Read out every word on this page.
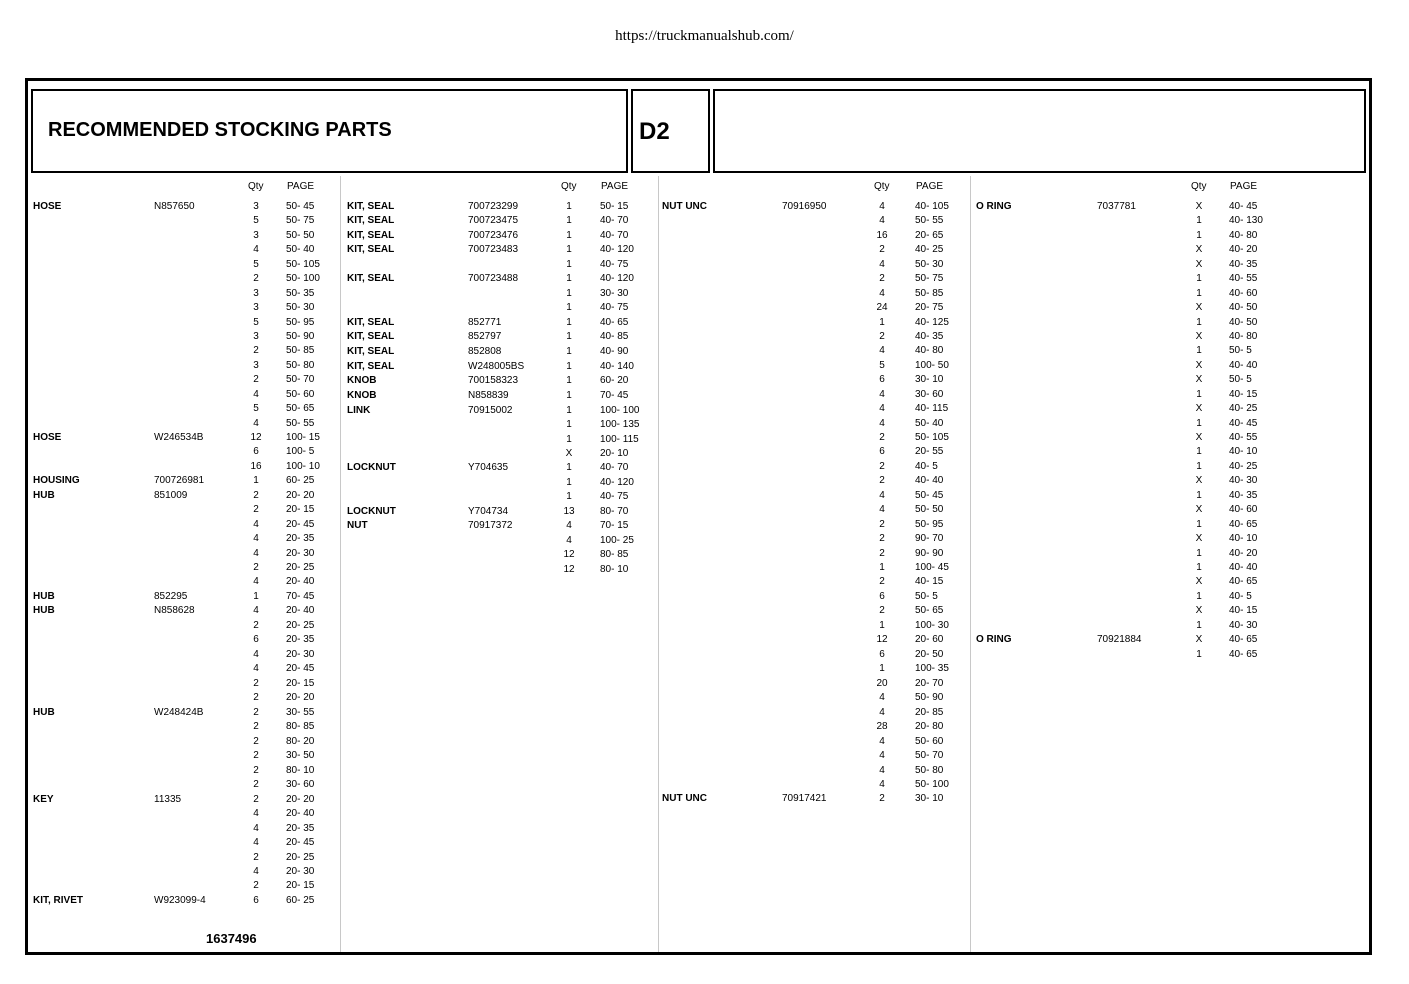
https://truckmanualshub.com/
RECOMMENDED STOCKING PARTS	D2
1637496
Qty PAGE
HOSE	N857650	3	50- 45
5	50- 75
3	50- 50
4	50- 40
5	50- 105
2	50- 100
3	50- 35
3	50- 30
5	50- 95
3	50- 90
2	50- 85
3	50- 80
2	50- 70
4	50- 60
5	50- 65
4	50- 55
HOSE	W246534B	12	100- 15
6	100- 5
16	100- 10
HOUSING	700726981	1	60- 25
HUB	851009	2	20- 20
2	20- 15
4	20- 45
4	20- 35
4	20- 30
2	20- 25
4	20- 40
HUB	852295	1	70- 45
HUB	N858628	4	20- 40
2	20- 25
6	20- 35
4	20- 30
4	20- 45
2	20- 15
2	20- 20
HUB	W248424B	2	30- 55
2	80- 85
2	80- 20
2	30- 50
2	80- 10
2	30- 60
KEY	11335	2	20- 20
4	20- 40
4	20- 35
4	20- 45
2	20- 25
4	20- 30
2	20- 15
KIT, RIVET	W923099-4	6	60- 25
Qty PAGE
KIT, SEAL	700723299	1	50- 15
KIT, SEAL	700723475	1	40- 70
KIT, SEAL	700723476	1	40- 70
KIT, SEAL	700723483	1	40- 120
1	40- 75
KIT, SEAL	700723488	1	40- 120
1	30- 30
1	40- 75
KIT, SEAL	852771	1	40- 65
KIT, SEAL	852797	1	40- 85
KIT, SEAL	852808	1	40- 90
KIT, SEAL	W248005BS	1	40- 140
KNOB	700158323	1	60- 20
KNOB	N858839	1	70- 45
LINK	70915002	1	100- 100
1	100- 135
1	100- 115
X	20- 10
LOCKNUT	Y704635	1	40- 70
1	40- 120
1	40- 75
LOCKNUT	Y704734	13	80- 70
NUT	70917372	4	70- 15
4	100- 25
12	80- 85
12	80- 10
Qty	PAGE
NUT UNC	70916950	4	40- 105
4	50- 55
16	20- 65
2	40- 25
4	50- 30
2	50- 75
4	50- 85
24	20- 75
1	40- 125
2	40- 35
4	40- 80
5	100- 50
6	30- 10
4	30- 60
4	40- 115
4	50- 40
2	50- 105
6	20- 55
2	40- 5
2	40- 40
4	50- 45
4	50- 50
2	50- 95
2	90- 70
2	90- 90
1	100- 45
2	40- 15
6	50- 5
2	50- 65
1	100- 30
12	20- 60
6	20- 50
1	100- 35
20	20- 70
4	50- 90
4	20- 85
28	20- 80
4	50- 60
4	50- 70
4	50- 80
4	50- 100
NUT UNC	70917421	2	30- 10
Qty PAGE
O RING	7037781	X	40- 45
1	40- 130
1	40- 80
X	40- 20
X	40- 35
1	40- 55
1	40- 60
X	40- 50
1	40- 50
X	40- 80
1	50- 5
X	40- 40
X	50- 5
1	40- 15
X	40- 25
1	40- 45
X	40- 55
1	40- 10
1	40- 25
X	40- 30
1	40- 35
X	40- 60
1	40- 65
X	40- 10
1	40- 20
1	40- 40
X	40- 65
1	40- 5
X	40- 15
1	40- 30
O RING	70921884	X	40- 65
1	40- 65
